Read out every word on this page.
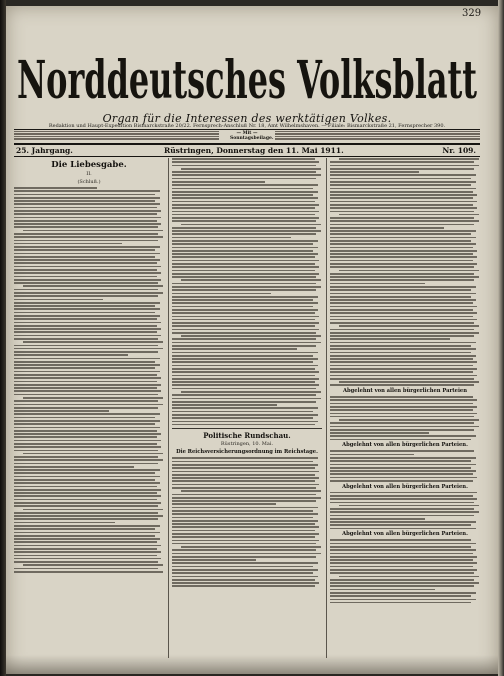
329
Norddeutsches Volksblatt
Organ für die Interessen des werktätigen Volkes.
Redaktion und Haupt-Expedition Bismarckstraße 20/22. Fernsprech-Anschluß Nr. 18, Amt Wilhelmshaven. — Filiale: Bismarckstraße 21, Fernsprecher 390.
— Mit — Sonntagsbeilage.
25. Jahrgang.	Rüstringen, Donnerstag den 11. Mai 1911.	Nr. 109.
Die Liebesgabe.
II.
(Schluß.)
Politische Rundschau.
Rüstringen, 10. Mai.
Die Reichsversicherungsordnung im Reichstage.
Abgelehnt von allen bürgerlichen Parteien
Abgelehnt von allen bürgerlichen Parteien.
Abgelehnt von allen bürgerlichen Parteien.
Abgelehnt von allen bürgerlichen Parteien.
